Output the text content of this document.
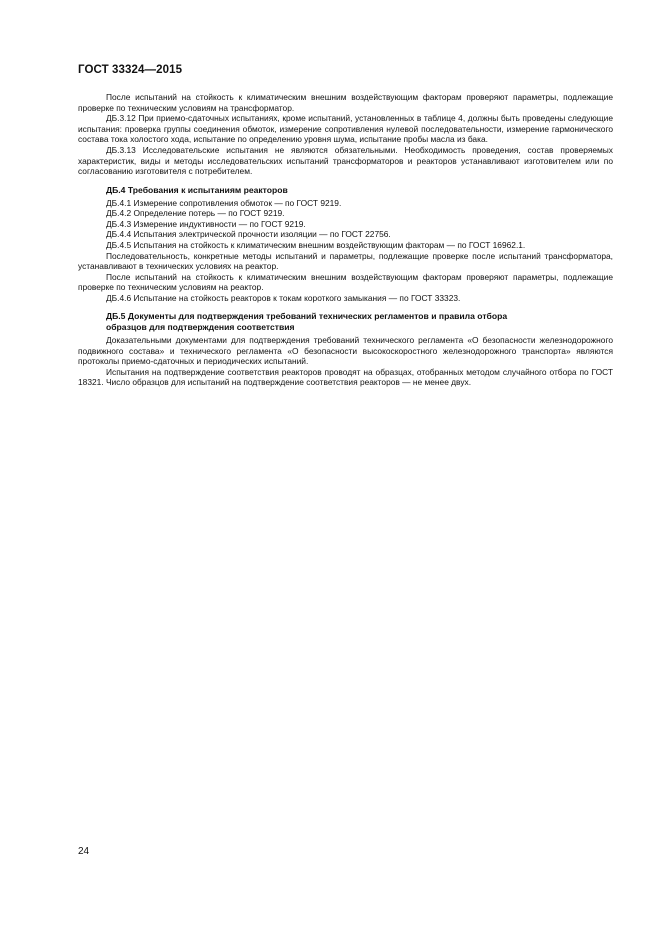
ГОСТ 33324—2015

После испытаний на стойкость к климатическим внешним воздействующим факторам проверяют параметры, подлежащие проверке по техническим условиям на трансформатор.

ДБ.3.12 При приемо-сдаточных испытаниях, кроме испытаний, установленных в таблице 4, должны быть проведены следующие испытания: проверка группы соединения обмоток, измерение сопротивления нулевой последовательности, измерение гармонического состава тока холостого хода, испытание по определению уровня шума, испытание пробы масла из бака.

ДБ.3.13 Исследовательские испытания не являются обязательными. Необходимость проведения, состав проверяемых характеристик, виды и методы исследовательских испытаний трансформаторов и реакторов устанавливают изготовителем или по согласованию изготовителя с потребителем.

ДБ.4 Требования к испытаниям реакторов

ДБ.4.1 Измерение сопротивления обмоток — по ГОСТ 9219.

ДБ.4.2 Определение потерь — по ГОСТ 9219.

ДБ.4.3 Измерение индуктивности — по ГОСТ 9219.

ДБ.4.4 Испытания электрической прочности изоляции — по ГОСТ 22756.

ДБ.4.5 Испытания на стойкость к климатическим внешним воздействующим факторам — по ГОСТ 16962.1.

Последовательность, конкретные методы испытаний и параметры, подлежащие проверке после испытаний трансформатора, устанавливают в технических условиях на реактор.

После испытаний на стойкость к климатическим внешним воздействующим факторам проверяют параметры, подлежащие проверке по техническим условиям на реактор.

ДБ.4.6 Испытание на стойкость реакторов к токам короткого замыкания — по ГОСТ 33323.

ДБ.5 Документы для подтверждения требований технических регламентов и правила отбора
образцов для подтверждения соответствия

Доказательными документами для подтверждения требований технического регламента «О безопасности железнодорожного подвижного состава» и технического регламента «О безопасности высокоскоростного железнодорожного транспорта» являются протоколы приемо-сдаточных и периодических испытаний.

Испытания на подтверждение соответствия реакторов проводят на образцах, отобранных методом случайного отбора по ГОСТ 18321. Число образцов для испытаний на подтверждение соответствия реакторов — не менее двух.

24
